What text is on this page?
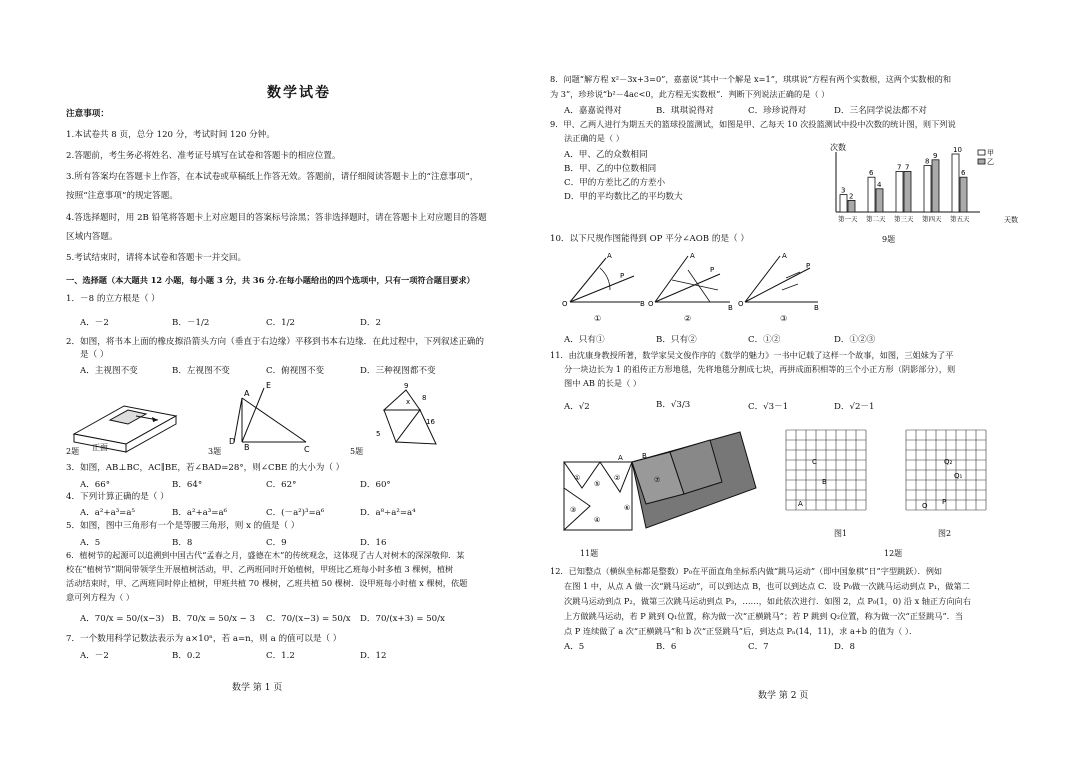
数学试卷
注意事项：
1.本试卷共 8 页，总分 120 分，考试时间 120 分钟。
2.答题前，考生务必将姓名、准考证号填写在试卷和答题卡的相应位置。
3.所有答案均在答题卡上作答，在本试卷或草稿纸上作答无效。答题前，请仔细阅读答题卡上的“注意事项”，
按照“注意事项”的规定答题。
4.答选择题时，用 2B 铅笔将答题卡上对应题目的答案标号涂黑；答非选择题时，请在答题卡上对应题目的答题
区域内答题。
5.考试结束时，请将本试卷和答题卡一并交回。
一、选择题（本大题共 12 小题，每小题 3 分，共 36 分.在每小题给出的四个选项中，只有一项符合题目要求）
1．－8 的立方根是（ ）
A．－2	B．－1/2	C．1/2	D．2
2．如图，将书本上面的橡皮擦沿箭头方向（垂直于右边缘）平移到书本右边缘．在此过程中，下列叙述正确的
是（ ）
A．主视图不变	B．左视图不变	C．俯视图不变	D．三种视图都不变
A
E
D
B	C
x
9
8
5
16
2题 正面	3题	5题
3．如图，AB⊥BC，AC∥BE，若∠BAD=28°，则∠CBE 的大小为（ ）
A．66°	B．64°	C．62°	D．60°
4．下列计算正确的是（ ）
A．a²+a³=a⁵	B．a²+a³=a⁶	C．(－a²)³=a⁶	D．a⁸÷a²=a⁴
5．如图，图中三角形有一个是等腰三角形，则 x 的值是（ ）
A．5	B．8	C．9	D．16
6．植树节的起源可以追溯到中国古代“孟春之月，盛德在木”的传统观念，这体现了古人对树木的深深敬仰．某
校在“植树节”期间带领学生开展植树活动，甲、乙两班同时开始植树，甲班比乙班每小时多植 3 棵树，植树
活动结束时，甲、乙两班同时停止植树，甲班共植 70 棵树，乙班共植 50 棵树．设甲班每小时植 x 棵树，依题
意可列方程为（ ）
A．70/x = 50/(x−3) B．70/x = 50/x − 3 C．70/(x−3) = 50/x D．70/(x+3) = 50/x
7．一个数用科学记数法表示为 a×10ⁿ，若 a=n，则 a 的值可以是（ ）
A．－2	B．0.2	C．1.2	D．12
数学 第 1 页
8．问题“解方程 x²－3x+3=0”，嘉嘉说“其中一个解是 x=1”，琪琪说“方程有两个实数根，这两个实数根的和
为 3”，珍珍说“b²－4ac<0，此方程无实数根”．判断下列说法正确的是（ ）
A．嘉嘉说得对	B．琪琪说得对	C．珍珍说得对	D．三名同学说法都不对
9．甲、乙两人进行为期五天的篮球投篮测试，如图是甲、乙每天 10 次投篮测试中投中次数的统计图，则下列说
法正确的是（ ）
A．甲、乙的众数相同
B．甲、乙的中位数相同
C．甲的方差比乙的方差小
D．甲的平均数比乙的平均数大
次数
天数
甲
乙
3
2
第一天
6
4
第二天
7 7
第三天
8
9
第四天
10
6
第五天
9题
10．以下尺规作图能得到 OP 平分∠AOB 的是（ ）
O
A
B
P
O
A
B
P
O
A
B
P
①	②	③
A．只有①	B．只有②	C．①②	D．①②③
11．由沈康身教授所著，数学家吴文俊作序的《数学的魅力》一书中记载了这样一个故事，如图，三姐妹为了平
分一块边长为 1 的祖传正方形地毯，先将地毯分割成七块，再拼成面积相等的三个小正方形（阴影部分），则
图中 AB 的长是（ ）
A．√2	B．√3/3	C．√3－1	D．√2－1
A	B
①
⑤
②
③
④
⑥
⑦
11题
A
B
C
O P
Q₁
Q₂
图1	图2
12题
12．已知整点（横纵坐标都是整数）P₀在平面直角坐标系内做“跳马运动”（即中国象棋“日”字型跳跃）．例如
在图 1 中，从点 A 做一次“跳马运动”，可以到达点 B，也可以到达点 C．设 P₀做一次跳马运动到点 P₁，做第二
次跳马运动到点 P₂，做第三次跳马运动到点 P₃，……，如此依次进行．如图 2，点 P₀(1，0) 沿 x 轴正方向向右
上方做跳马运动，若 P 跳到 Q₁位置，称为做一次“正横跳马”；若 P 跳到 Q₂位置，称为做一次“正竖跳马”．当
点 P 连续做了 a 次“正横跳马”和 b 次“正竖跳马”后，到达点 Pₙ(14，11)，求 a+b 的值为（ ）．
A．5	B．6	C．7	D．8
数学 第 2 页
